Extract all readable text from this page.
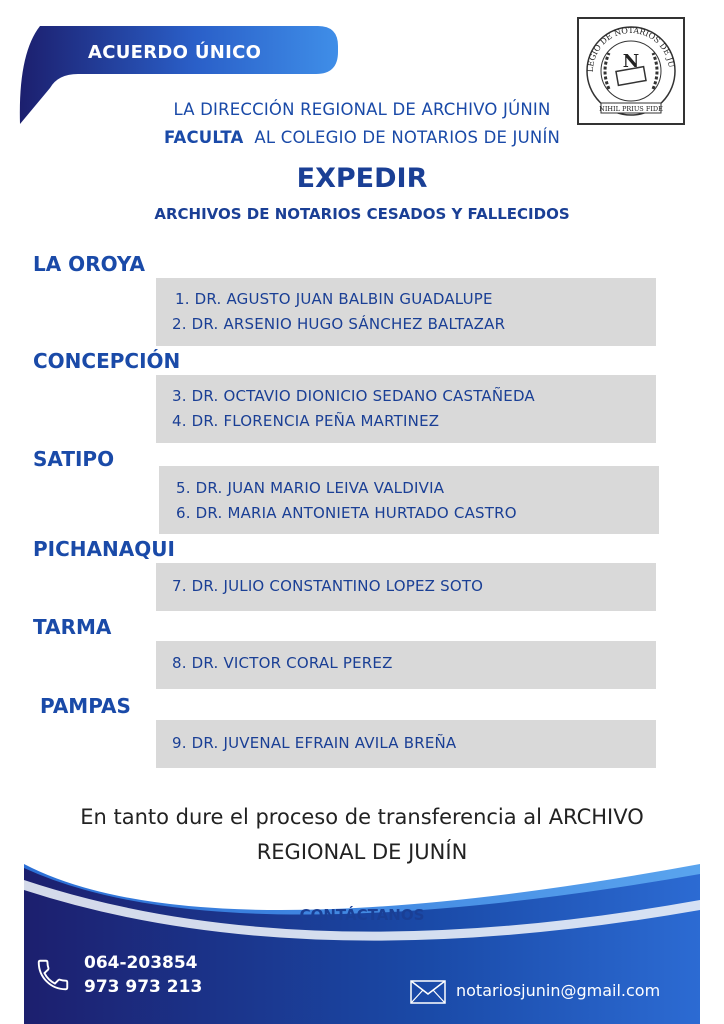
ACUERDO ÚNICO	N
LEGIO DE NOTARIOS DE JU
NIHIL PRIUS FIDE
LA DIRECCIÓN REGIONAL DE ARCHIVO JÚNIN
FACULTA AL COLEGIO DE NOTARIOS DE JUNÍN
EXPEDIR
ARCHIVOS DE NOTARIOS CESADOS Y FALLECIDOS
LA OROYA
1. DR. AGUSTO JUAN BALBIN GUADALUPE
2. DR. ARSENIO HUGO SÁNCHEZ BALTAZAR
CONCEPCIÓN
3. DR. OCTAVIO DIONICIO SEDANO CASTAÑEDA
4. DR. FLORENCIA PEÑA MARTINEZ
SATIPO
5. DR. JUAN MARIO LEIVA VALDIVIA
6. DR. MARIA ANTONIETA HURTADO CASTRO
PICHANAQUI
7. DR. JULIO CONSTANTINO LOPEZ SOTO
TARMA
8. DR. VICTOR CORAL PEREZ
PAMPAS
9. DR. JUVENAL EFRAIN AVILA BREÑA
En tanto dure el proceso de transferencia al ARCHIVO
REGIONAL DE JUNÍN
CONTÁCTANOS
064-203854
973 973 213	notariosjunin@gmail.com
